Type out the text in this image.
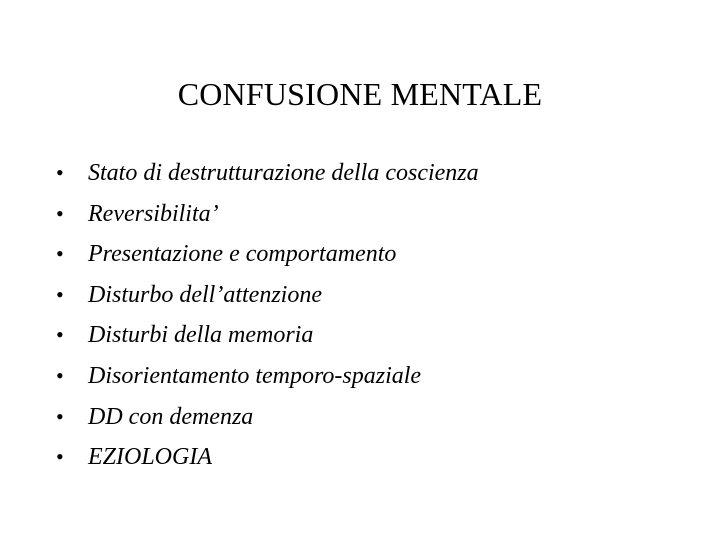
CONFUSIONE MENTALE
•	Stato di destrutturazione della coscienza
•	Reversibilita’
•	Presentazione e comportamento
•	Disturbo dell’attenzione
•	Disturbi della memoria
•	Disorientamento temporo-spaziale
•	DD con demenza
•	EZIOLOGIA
